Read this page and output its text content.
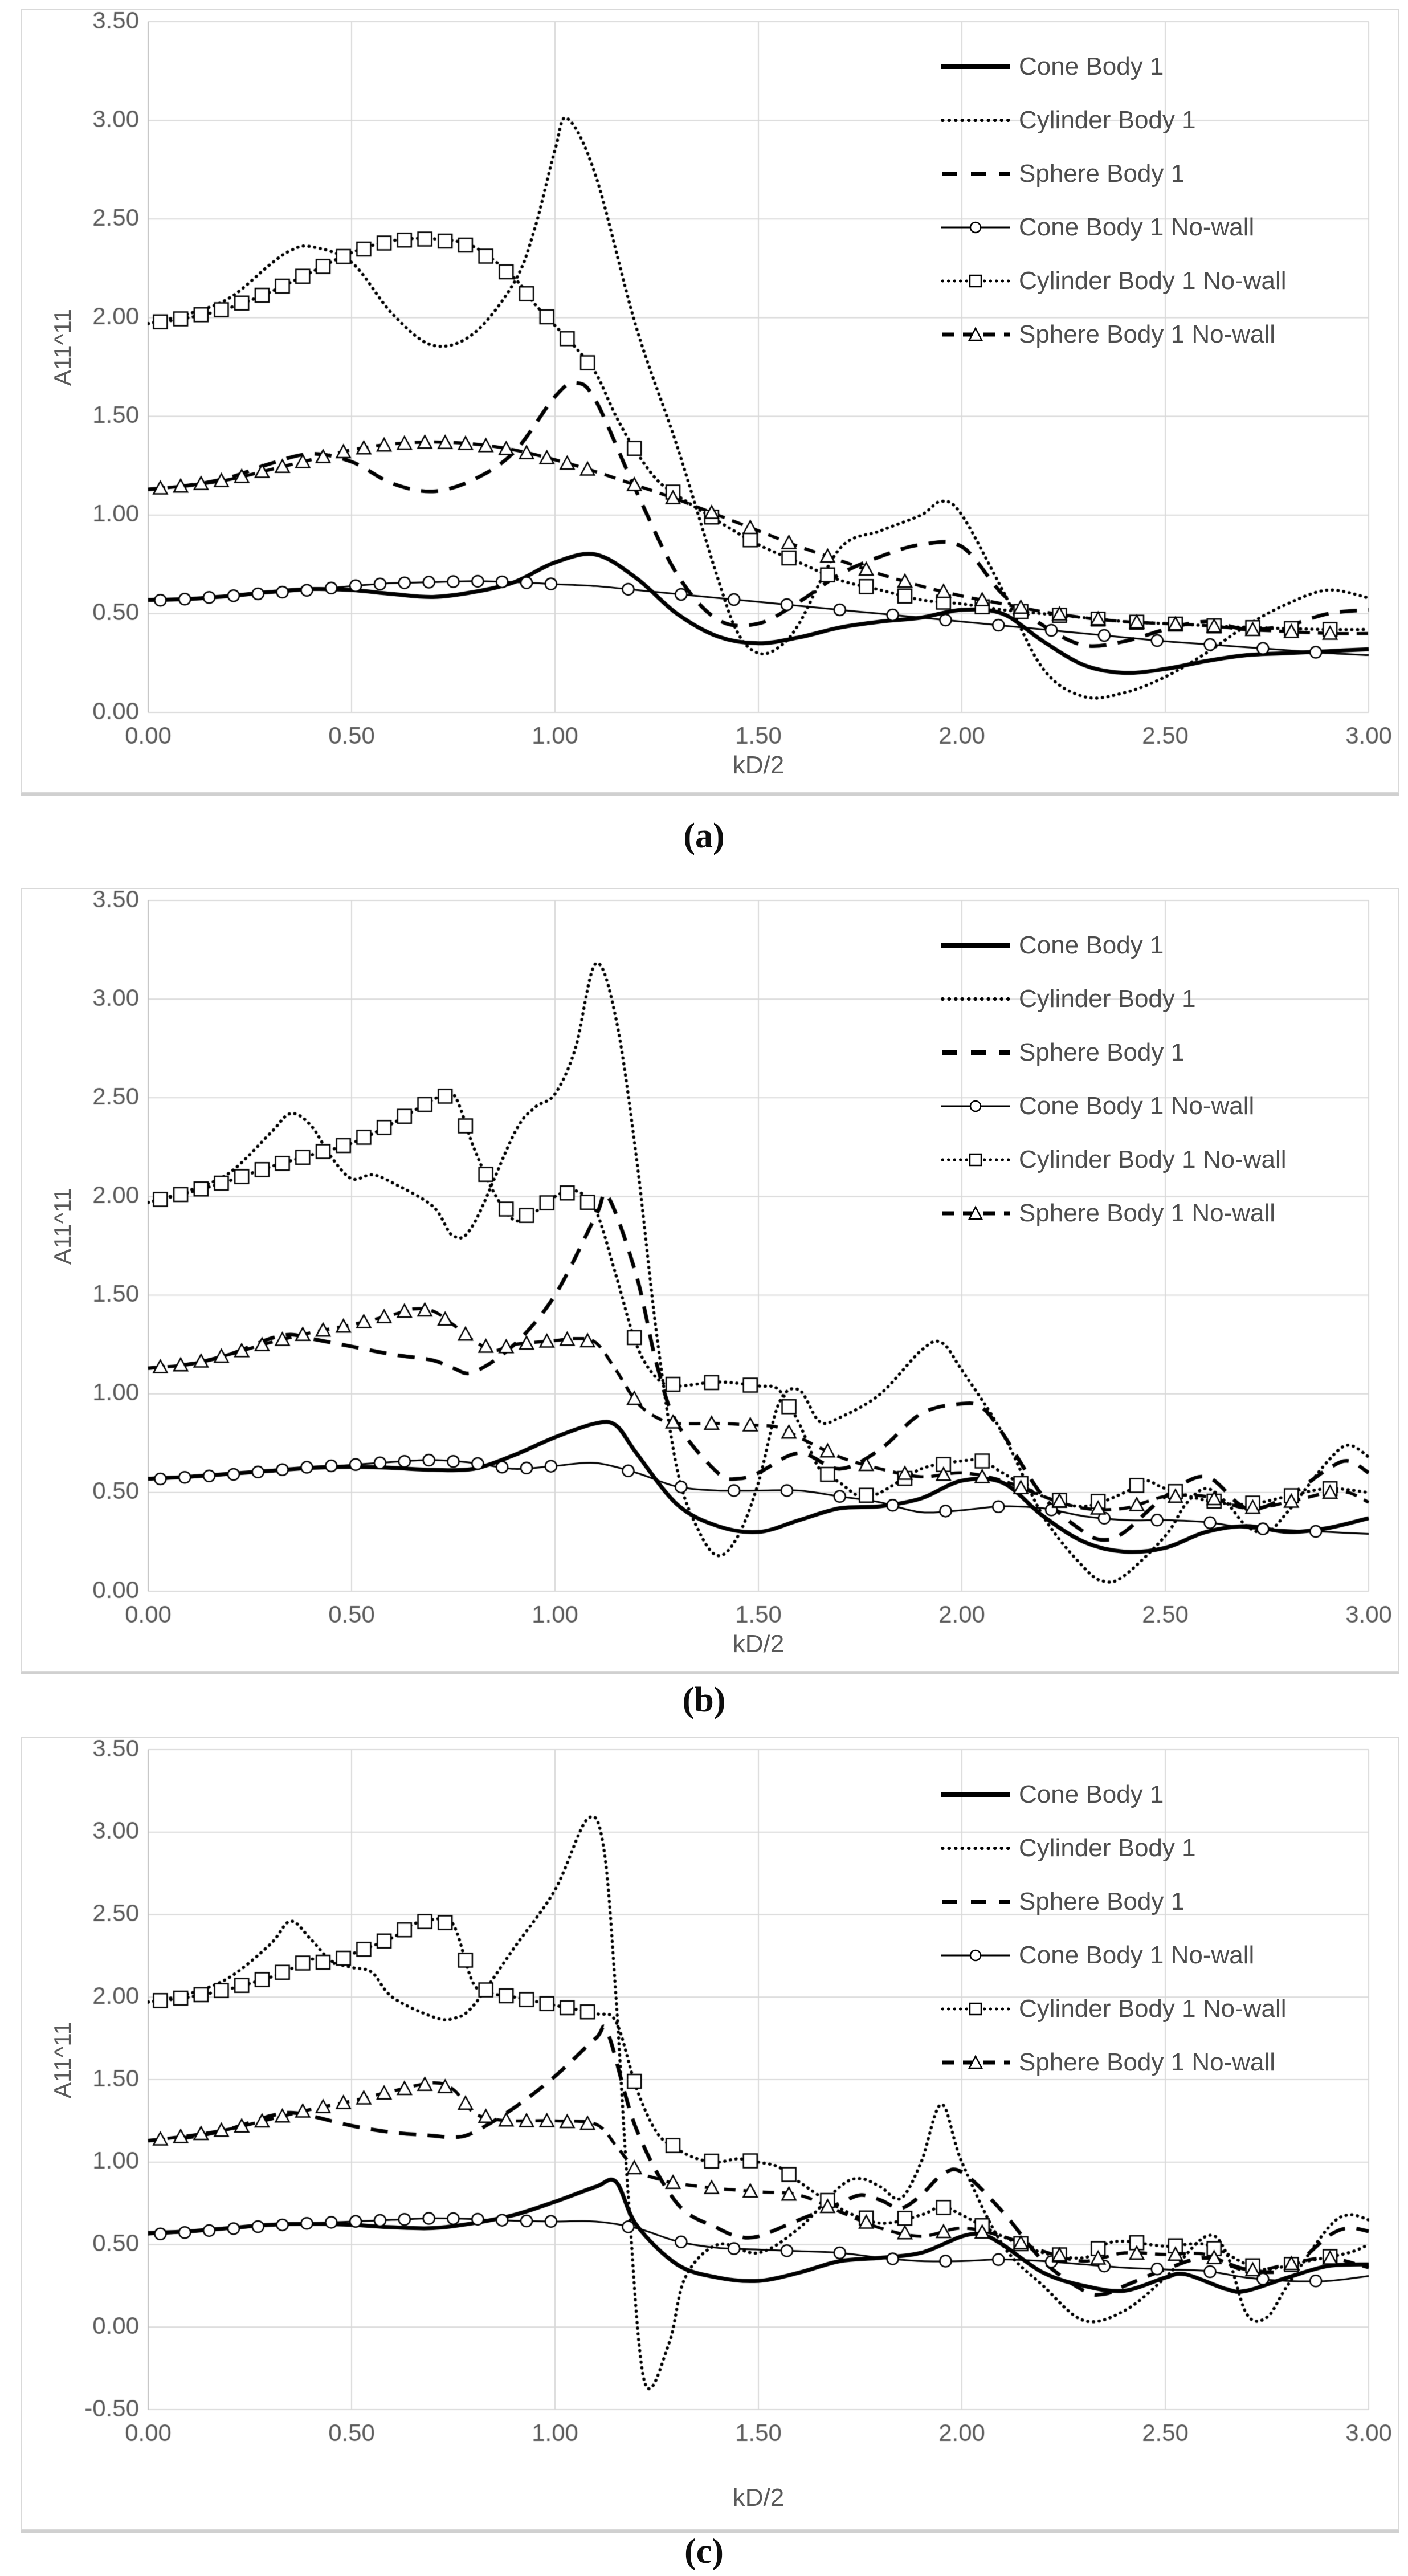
kD/2
Cone Body 1
Cylinder Body 1
Sphere Body 1
Cone Body 1 No-wall
Cylinder Body 1 No-wall
Sphere Body 1 No-wall
(a)
kD/2
Cone Body 1
Cylinder Body 1
Sphere Body 1
Cone Body 1 No-wall
Cylinder Body 1 No-wall
Sphere Body 1 No-wall
(b)
kD/2
Cone Body 1
Cylinder Body 1
Sphere Body 1
Cone Body 1 No-wall
Cylinder Body 1 No-wall
Sphere Body 1 No-wall
(c)
